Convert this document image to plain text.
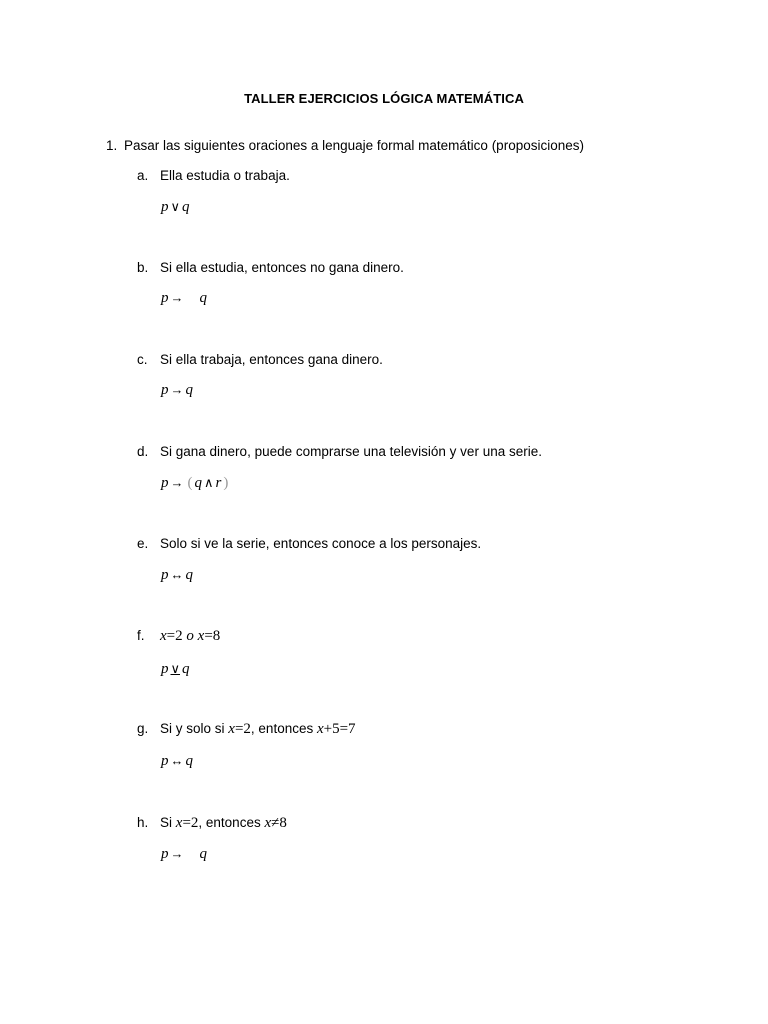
TALLER EJERCICIOS LÓGICA MATEMÁTICA
1. Pasar las siguientes oraciones a lenguaje formal matemático (proposiciones)
a. Ella estudia o trabaja.
p ∨ q
b. Si ella estudia, entonces no gana dinero.
p → q
c. Si ella trabaja, entonces gana dinero.
p → q
d. Si gana dinero, puede comprarse una televisión y ver una serie.
p → ( q ∧ r )
e. Solo si ve la serie, entonces conoce a los personajes.
p ↔ q
f. x=2 o x=8
p ∨ q
g. Si y solo si x=2, entonces x+5=7
p ↔ q
h. Si x=2, entonces x≠8
p → q
